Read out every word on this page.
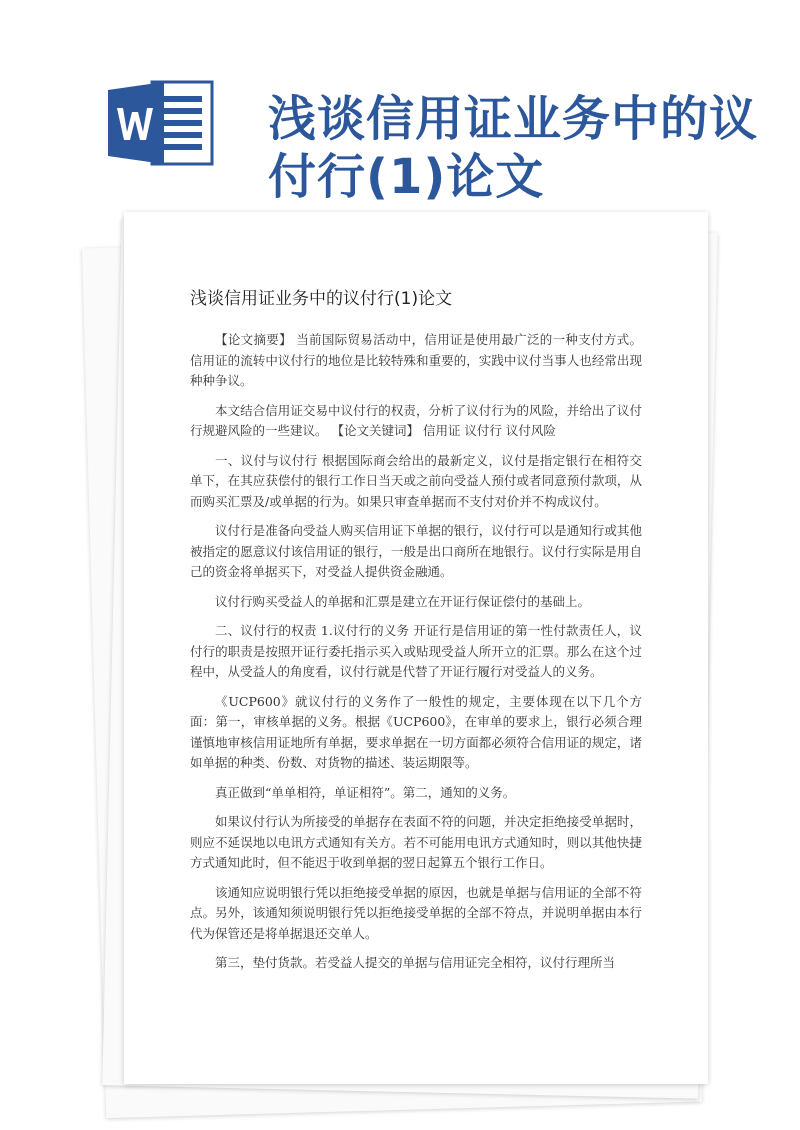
浅谈信用证业务中的议
付行(1)论文
浅谈信用证业务中的议付行(1)论文

【论文摘要】 当前国际贸易活动中，信用证是使用最广泛的一种支付方式。信用证的流转中议付行的地位是比较特殊和重要的，实践中议付当事人也经常出现种种争议。

本文结合信用证交易中议付行的权责，分析了议付行为的风险，并给出了议付行规避风险的一些建议。 【论文关键词】 信用证 议付行 议付风险

一、议付与议付行 根据国际商会给出的最新定义，议付是指定银行在相符交单下，在其应获偿付的银行工作日当天或之前向受益人预付或者同意预付款项，从而购买汇票及/或单据的行为。如果只审查单据而不支付对价并不构成议付。

议付行是准备向受益人购买信用证下单据的银行，议付行可以是通知行或其他被指定的愿意议付该信用证的银行，一般是出口商所在地银行。议付行实际是用自己的资金将单据买下，对受益人提供资金融通。

议付行购买受益人的单据和汇票是建立在开证行保证偿付的基础上。

二、议付行的权责 1.议付行的义务 开证行是信用证的第一性付款责任人，议付行的职责是按照开证行委托指示买入或贴现受益人所开立的汇票。那么在这个过程中，从受益人的角度看，议付行就是代替了开证行履行对受益人的义务。

《UCP600》就议付行的义务作了一般性的规定，主要体现在以下几个方面：第一，审核单据的义务。根据《UCP600》，在审单的要求上，银行必须合理谨慎地审核信用证地所有单据，要求单据在一切方面都必须符合信用证的规定，诸如单据的种类、份数、对货物的描述、装运期限等。

真正做到“单单相符，单证相符”。第二，通知的义务。

如果议付行认为所接受的单据存在表面不符的问题，并决定拒绝接受单据时，则应不延误地以电讯方式通知有关方。若不可能用电讯方式通知时，则以其他快捷方式通知此时，但不能迟于收到单据的翌日起算五个银行工作日。

该通知应说明银行凭以拒绝接受单据的原因，也就是单据与信用证的全部不符点。另外，该通知须说明银行凭以拒绝接受单据的全部不符点，并说明单据由本行代为保管还是将单据退还交单人。

第三，垫付货款。若受益人提交的单据与信用证完全相符，议付行理所当
